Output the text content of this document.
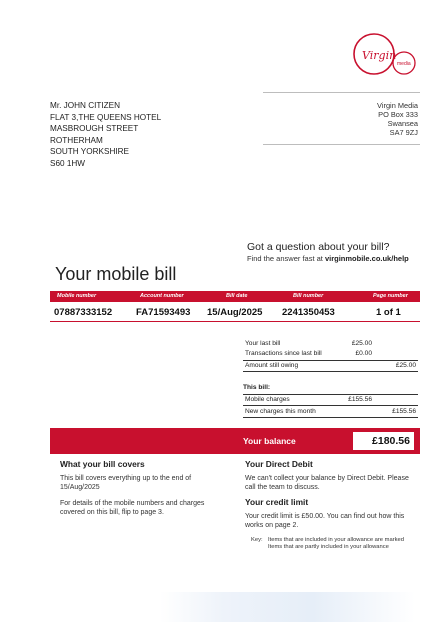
Virgin
media
Mr. JOHN CITIZEN
FLAT 3,THE QUEENS HOTEL
MASBROUGH STREET
ROTHERHAM
SOUTH YORKSHIRE
S60 1HW
Virgin Media
PO Box 333
Swansea
SA7 9ZJ
Got a question about your bill?
Find the answer fast at virginmobile.co.uk/help
Your mobile bill
Mobile number	Account number	Bill date	Bill number	Page number
07887333152	FA71593493 15/Aug/2025 2241350453	1 of 1
Your last bill	£25.00
Transactions since last bill	£0.00
Amount still owing	£25.00
This bill:
Mobile charges	£155.56
New charges this month	£155.56
Your balance	£180.56
What your bill covers
This bill covers everything up to the end of 15/Aug/2025
For details of the mobile numbers and charges covered on this bill, flip to page 3.
Your Direct Debit
We can't collect your balance by Direct Debit. Please call the team to discuss.
Your credit limit
Your credit limit is £50.00. You can find out how this works on page 2.
Key: Items that are included in your allowance are marked
Items that are partly included in your allowance
